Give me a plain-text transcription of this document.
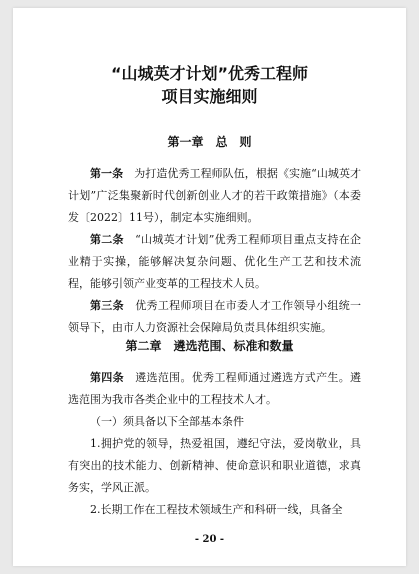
“山城英才计划”优秀工程师
项目实施细则
第一章　总　则

第一条　为打造优秀工程师队伍，根据《实施“山城英才计划”广泛集聚新时代创新创业人才的若干政策措施》（本委发〔2022〕11号），制定本实施细则。

第二条　“山城英才计划”优秀工程师项目重点支持在企业精于实操，能够解决复杂问题、优化生产工艺和技术流程，能够引领产业变革的工程技术人员。

第三条　优秀工程师项目在市委人才工作领导小组统一领导下，由市人力资源社会保障局负责具体组织实施。

第二章　遴选范围、标准和数量

第四条　遴选范围。优秀工程师通过遴选方式产生。遴选范围为我市各类企业中的工程技术人才。

（一）须具备以下全部基本条件

1.拥护党的领导，热爱祖国，遵纪守法，爱岗敬业，具有突出的技术能力、创新精神、使命意识和职业道德，求真务实，学风正派。

2.长期工作在工程技术领域生产和科研一线，具备全

- 20 -
